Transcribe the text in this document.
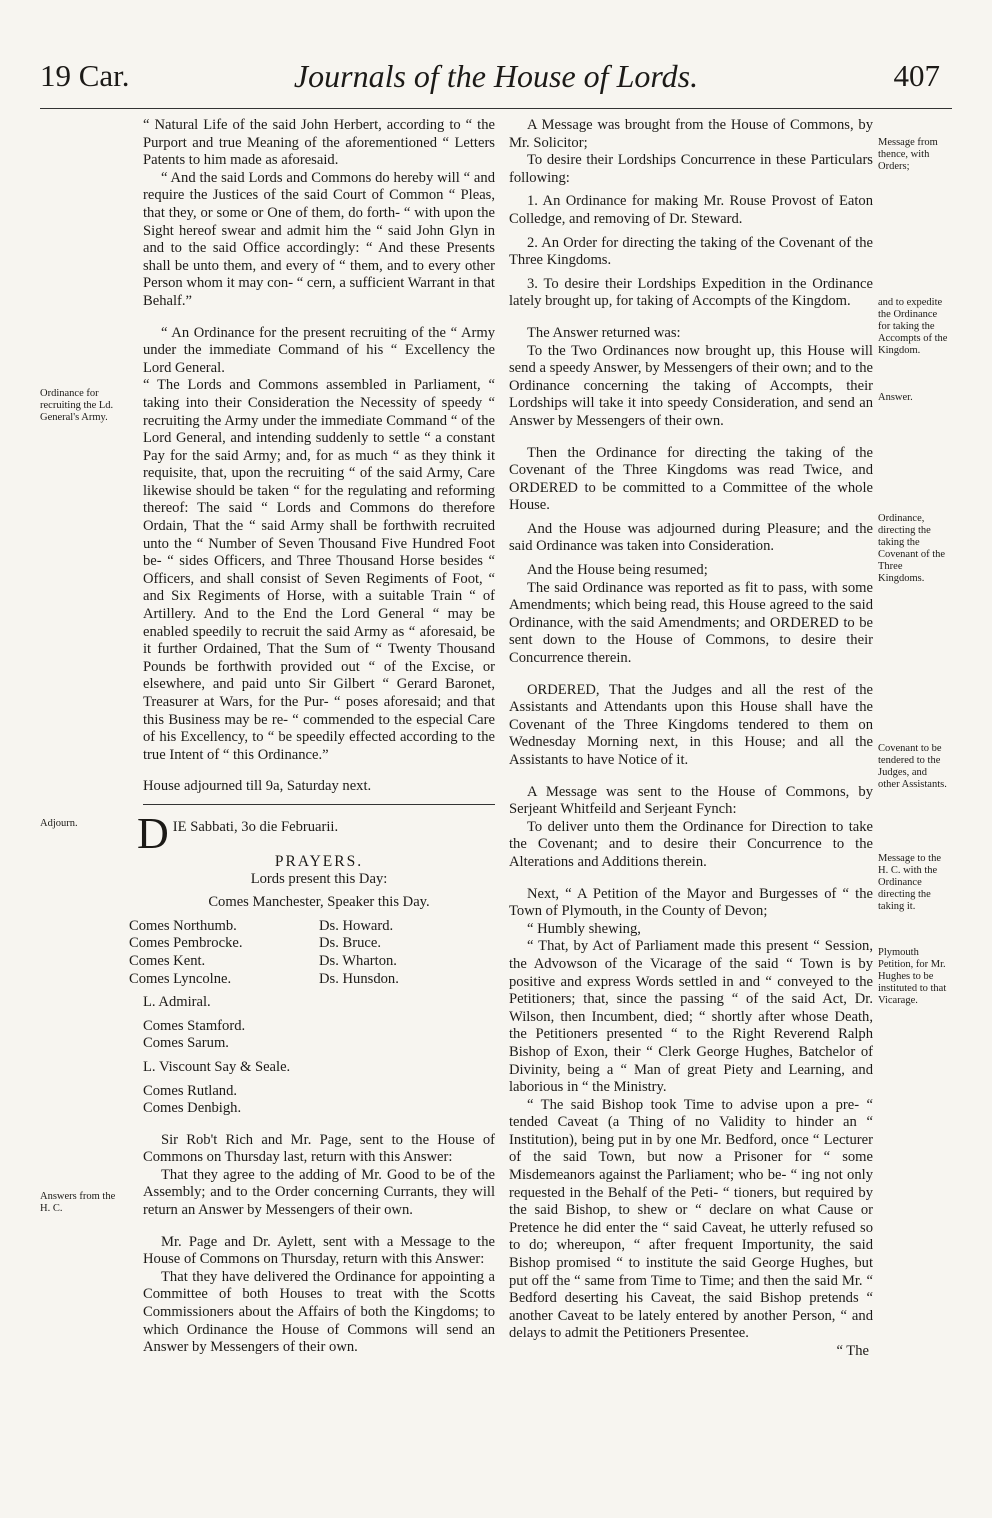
19 Car.	Journals of the House of Lords.	407
Ordinance for recruiting the Ld. General's Army.
Adjourn.
Answers from the H. C.
Message from thence, with Orders;
and to expedite the Ordinance for taking the Accompts of the Kingdom.
Answer.
Ordinance, directing the taking the Covenant of the Three Kingdoms.
Covenant to be tendered to the Judges, and other Assistants.
Message to the H. C. with the Ordinance directing the taking it.
Plymouth Petition, for Mr. Hughes to be instituted to that Vicarage.

“ Natural Life of the said John Herbert, according to “ the Purport and true Meaning of the aforementioned “ Letters Patents to him made as aforesaid.

“ And the said Lords and Commons do hereby will “ and require the Justices of the said Court of Common “ Pleas, that they, or some or One of them, do forth- “ with upon the Sight hereof swear and admit him the “ said John Glyn in and to the said Office accordingly: “ And these Presents shall be unto them, and every of “ them, and to every other Person whom it may con- “ cern, a sufficient Warrant in that Behalf.”

“ An Ordinance for the present recruiting of the “ Army under the immediate Command of his “ Excellency the Lord General.

“ The Lords and Commons assembled in Parliament, “ taking into their Consideration the Necessity of speedy “ recruiting the Army under the immediate Command “ of the Lord General, and intending suddenly to settle “ a constant Pay for the said Army; and, for as much “ as they think it requisite, that, upon the recruiting “ of the said Army, Care likewise should be taken “ for the regulating and reforming thereof: The said “ Lords and Commons do therefore Ordain, That the “ said Army shall be forthwith recruited unto the “ Number of Seven Thousand Five Hundred Foot be- “ sides Officers, and Three Thousand Horse besides “ Officers, and shall consist of Seven Regiments of Foot, “ and Six Regiments of Horse, with a suitable Train “ of Artillery. And to the End the Lord General “ may be enabled speedily to recruit the said Army as “ aforesaid, be it further Ordained, That the Sum of “ Twenty Thousand Pounds be forthwith provided out “ of the Excise, or elsewhere, and paid unto Sir Gilbert “ Gerard Baronet, Treasurer at Wars, for the Pur- “ poses aforesaid; and that this Business may be re- “ commended to the especial Care of his Excellency, to “ be speedily effected according to the true Intent of “ this Ordinance.”

House adjourned till 9a, Saturday next.

D IE Sabbati, 3o die Februarii.

PRAYERS.

Lords present this Day:

Comes Manchester, Speaker this Day.

Comes Northumb.
Comes Pembrocke.
Comes Kent.
Comes Lyncolne.
Ds. Howard.
Ds. Bruce.
Ds. Wharton.
Ds. Hunsdon.

L. Admiral.

Comes Stamford.

Comes Sarum.

L. Viscount Say & Seale.

Comes Rutland.

Comes Denbigh.

Sir Rob't Rich and Mr. Page, sent to the House of Commons on Thursday last, return with this Answer:

That they agree to the adding of Mr. Good to be of the Assembly; and to the Order concerning Currants, they will return an Answer by Messengers of their own.

Mr. Page and Dr. Aylett, sent with a Message to the House of Commons on Thursday, return with this Answer:

That they have delivered the Ordinance for appointing a Committee of both Houses to treat with the Scotts Commissioners about the Affairs of both the Kingdoms; to which Ordinance the House of Commons will send an Answer by Messengers of their own.

A Message was brought from the House of Commons, by Mr. Solicitor;

To desire their Lordships Concurrence in these Particulars following:

1. An Ordinance for making Mr. Rouse Provost of Eaton Colledge, and removing of Dr. Steward.

2. An Order for directing the taking of the Covenant of the Three Kingdoms.

3. To desire their Lordships Expedition in the Ordinance lately brought up, for taking of Accompts of the Kingdom.

The Answer returned was:

To the Two Ordinances now brought up, this House will send a speedy Answer, by Messengers of their own; and to the Ordinance concerning the taking of Accompts, their Lordships will take it into speedy Consideration, and send an Answer by Messengers of their own.

Then the Ordinance for directing the taking of the Covenant of the Three Kingdoms was read Twice, and ORDERED to be committed to a Committee of the whole House.

And the House was adjourned during Pleasure; and the said Ordinance was taken into Consideration.

And the House being resumed;

The said Ordinance was reported as fit to pass, with some Amendments; which being read, this House agreed to the said Ordinance, with the said Amendments; and ORDERED to be sent down to the House of Commons, to desire their Concurrence therein.

ORDERED, That the Judges and all the rest of the Assistants and Attendants upon this House shall have the Covenant of the Three Kingdoms tendered to them on Wednesday Morning next, in this House; and all the Assistants to have Notice of it.

A Message was sent to the House of Commons, by Serjeant Whitfeild and Serjeant Fynch:

To deliver unto them the Ordinance for Direction to take the Covenant; and to desire their Concurrence to the Alterations and Additions therein.

Next, “ A Petition of the Mayor and Burgesses of “ the Town of Plymouth, in the County of Devon;

“ Humbly shewing,

“ That, by Act of Parliament made this present “ Session, the Advowson of the Vicarage of the said “ Town is by positive and express Words settled in and “ conveyed to the Petitioners; that, since the passing “ of the said Act, Dr. Wilson, then Incumbent, died; “ shortly after whose Death, the Petitioners presented “ to the Right Reverend Ralph Bishop of Exon, their “ Clerk George Hughes, Batchelor of Divinity, being a “ Man of great Piety and Learning, and laborious in “ the Ministry.

“ The said Bishop took Time to advise upon a pre- “ tended Caveat (a Thing of no Validity to hinder an “ Institution), being put in by one Mr. Bedford, once “ Lecturer of the said Town, but now a Prisoner for “ some Misdemeanors against the Parliament; who be- “ ing not only requested in the Behalf of the Peti- “ tioners, but required by the said Bishop, to shew or “ declare on what Cause or Pretence he did enter the “ said Caveat, he utterly refused so to do; whereupon, “ after frequent Importunity, the said Bishop promised “ to institute the said George Hughes, but put off the “ same from Time to Time; and then the said Mr. “ Bedford deserting his Caveat, the said Bishop pretends “ another Caveat to be lately entered by another Person, “ and delays to admit the Petitioners Presentee.

“ The
